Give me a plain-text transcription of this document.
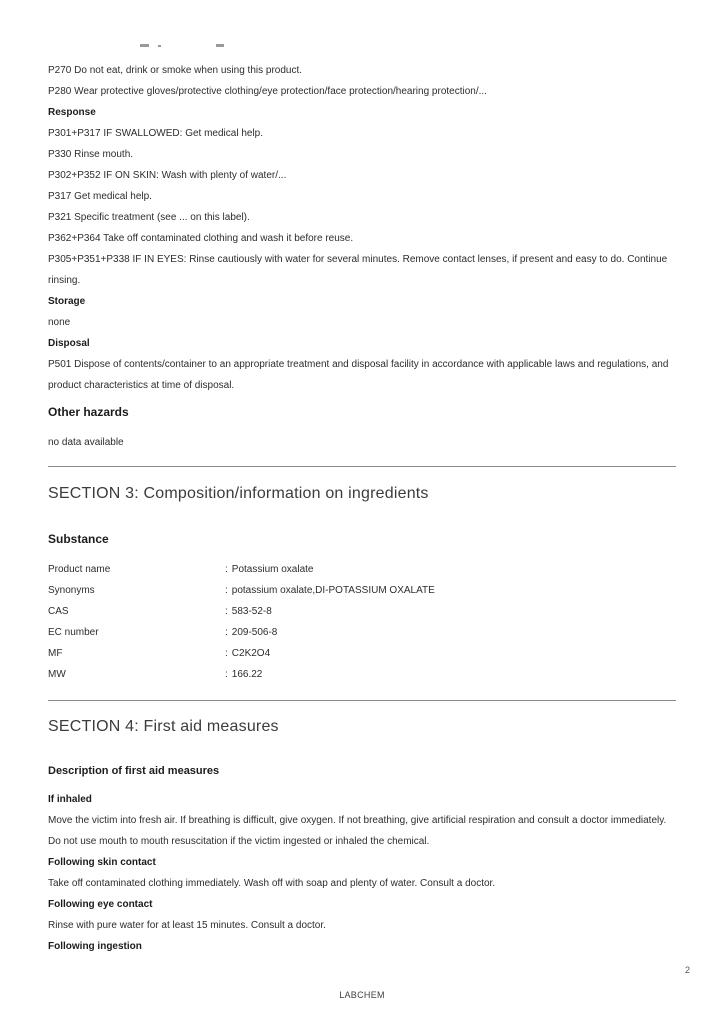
P270 Do not eat, drink or smoke when using this product.

P280 Wear protective gloves/protective clothing/eye protection/face protection/hearing protection/...

Response

P301+P317 IF SWALLOWED: Get medical help.

P330 Rinse mouth.

P302+P352 IF ON SKIN: Wash with plenty of water/...

P317 Get medical help.

P321 Specific treatment (see ... on this label).

P362+P364 Take off contaminated clothing and wash it before reuse.

P305+P351+P338 IF IN EYES: Rinse cautiously with water for several minutes. Remove contact lenses, if present and easy to do. Continue rinsing.

Storage

none

Disposal

P501 Dispose of contents/container to an appropriate treatment and disposal facility in accordance with applicable laws and regulations, and product characteristics at time of disposal.

Other hazards

no data available

SECTION 3: Composition/information on ingredients
Substance
Product name	: Potassium oxalate
Synonyms	: potassium oxalate,DI-POTASSIUM OXALATE
CAS	: 583-52-8
EC number	: 209-506-8
MF	: C2K2O4
MW	: 166.22
SECTION 4: First aid measures
Description of first aid measures

If inhaled

Move the victim into fresh air. If breathing is difficult, give oxygen. If not breathing, give artificial respiration and consult a doctor immediately. Do not use mouth to mouth resuscitation if the victim ingested or inhaled the chemical.

Following skin contact

Take off contaminated clothing immediately. Wash off with soap and plenty of water. Consult a doctor.

Following eye contact

Rinse with pure water for at least 15 minutes. Consult a doctor.

Following ingestion

2
LABCHEM
